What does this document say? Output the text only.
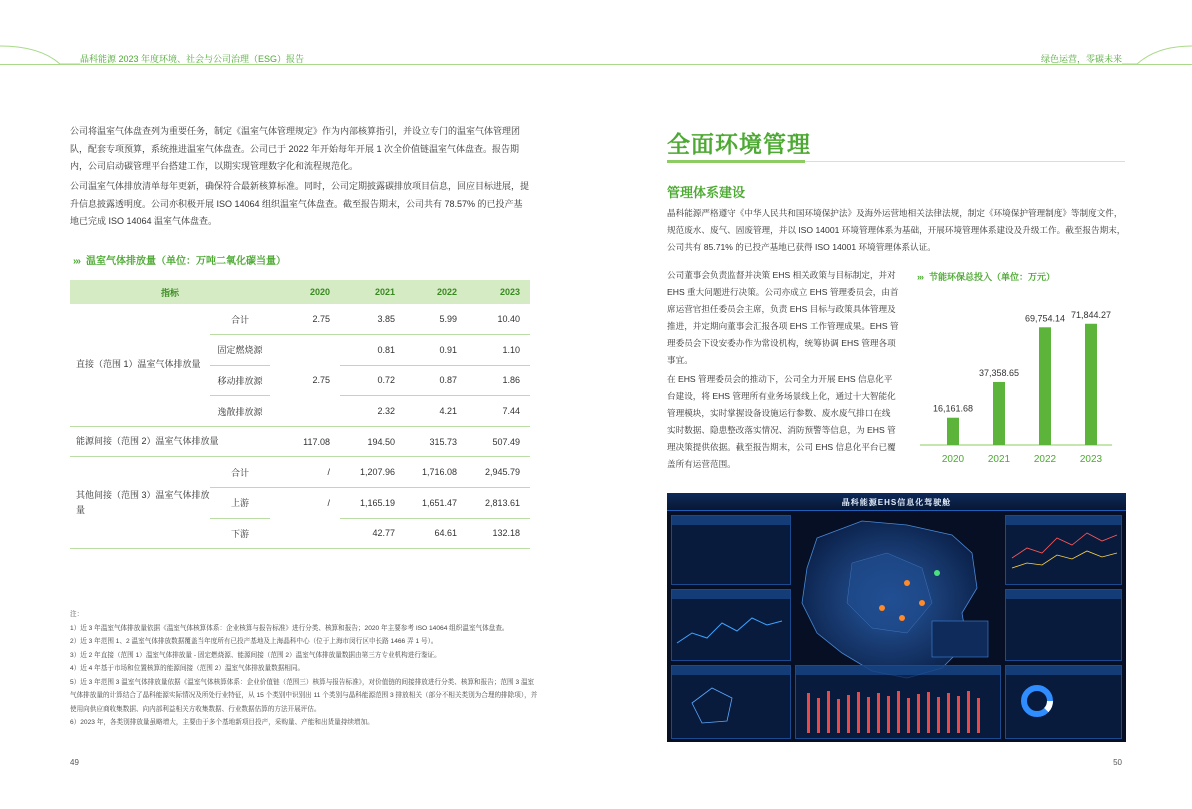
晶科能源 2023 年度环境、社会与公司治理（ESG）报告	绿色运营，零碳未来
公司将温室气体盘查列为重要任务，制定《温室气体管理规定》作为内部核算指引，并设立专门的温室气体管理团队，配套专项预算，系统推进温室气体盘查。公司已于 2022 年开始每年开展 1 次全价值链温室气体盘查。报告期内，公司启动碳管理平台搭建工作，以期实现管理数字化和流程规范化。
公司温室气体排放清单每年更新，确保符合最新核算标准。同时，公司定期披露碳排放项目信息，回应目标进展，提升信息披露透明度。公司亦积极开展 ISO 14064 组织温室气体盘查。截至报告期末，公司共有 78.57% 的已投产基地已完成 ISO 14064 温室气体盘查。
››› 温室气体排放量（单位：万吨二氧化碳当量）
指标		2020	2021	2022	2023
直接（范围 1）温室气体排放量	合计	2.75	3.85	5.99	10.40
	固定燃烧源		0.81	0.91	1.10
	移动排放源	2.75	0.72	0.87	1.86
	逸散排放源		2.32	4.21	7.44
能源间接（范围 2）温室气体排放量		117.08	194.50	315.73	507.49
其他间接（范围 3）温室气体排放量	合计	/	1,207.96	1,716.08	2,945.79
	上游	/	1,165.19	1,651.47	2,813.61
	下游		42.77	64.61	132.18
注：
1）近 3 年温室气体排放量依据《温室气体核算体系：企业核算与报告标准》进行分类、核算和报告；2020 年主要参考 ISO 14064 组织温室气体盘查。
2）近 3 年范围 1、2 温室气体排放数据覆盖当年度所有已投产基地及上海晶科中心（位于上海市闵行区申长路 1466 弄 1 号）。
3）近 2 年直接（范围 1）温室气体排放量 - 固定燃烧源、能源间接（范围 2）温室气体排放量数据由第三方专业机构进行鉴证。
4）近 4 年基于市场和位置核算的能源间接（范围 2）温室气体排放量数据相同。
5）近 3 年范围 3 温室气体排放量依据《温室气体核算体系：企业价值链（范围三）核算与报告标准》，对价值链的间接排放进行分类、核算和报告；范围 3 温室气体排放量的计算结合了晶科能源实际情况及所处行业特征，从 15 个类别中识别出 11 个类别与晶科能源范围 3 排放相关（部分不相关类别为合理的排除项），并使用向供应商收集数据、向内部利益相关方收集数据、行业数据估算的方法开展评估。
6）2023 年，各类别排放量虽略增大，主要由于多个基地新项目投产，采购量、产能和出货量持续增加。
49
全面环境管理
管理体系建设
晶科能源严格遵守《中华人民共和国环境保护法》及海外运营地相关法律法规，制定《环境保护管理制度》等制度文件，规范废水、废气、固废管理，并以 ISO 14001 环境管理体系为基础，开展环境管理体系建设及升级工作。截至报告期末，公司共有 85.71% 的已投产基地已获得 ISO 14001 环境管理体系认证。
公司董事会负责监督并决策 EHS 相关政策与目标制定，并对 EHS 重大问题进行决策。公司亦成立 EHS 管理委员会，由首席运营官担任委员会主席，负责 EHS 目标与政策具体管理及推进，并定期向董事会汇报各项 EHS 工作管理成果。EHS 管理委员会下设安委办作为常设机构，统筹协调 EHS 管理各项事宜。
在 EHS 管理委员会的推动下，公司全力开展 EHS 信息化平台建设，将 EHS 管理所有业务场景线上化，通过十大智能化管理模块，实时掌握设备设施运行参数、废水废气排口在线实时数据、隐患整改落实情况、消防预警等信息，为 EHS 管理决策提供依据。截至报告期末，公司 EHS 信息化平台已覆盖所有运营范围。
››› 节能环保总投入（单位：万元）
16,161.68
2020
37,358.65
2021
69,754.14
2022
71,844.27
2023
晶科能源EHS信息化驾驶舱
50
